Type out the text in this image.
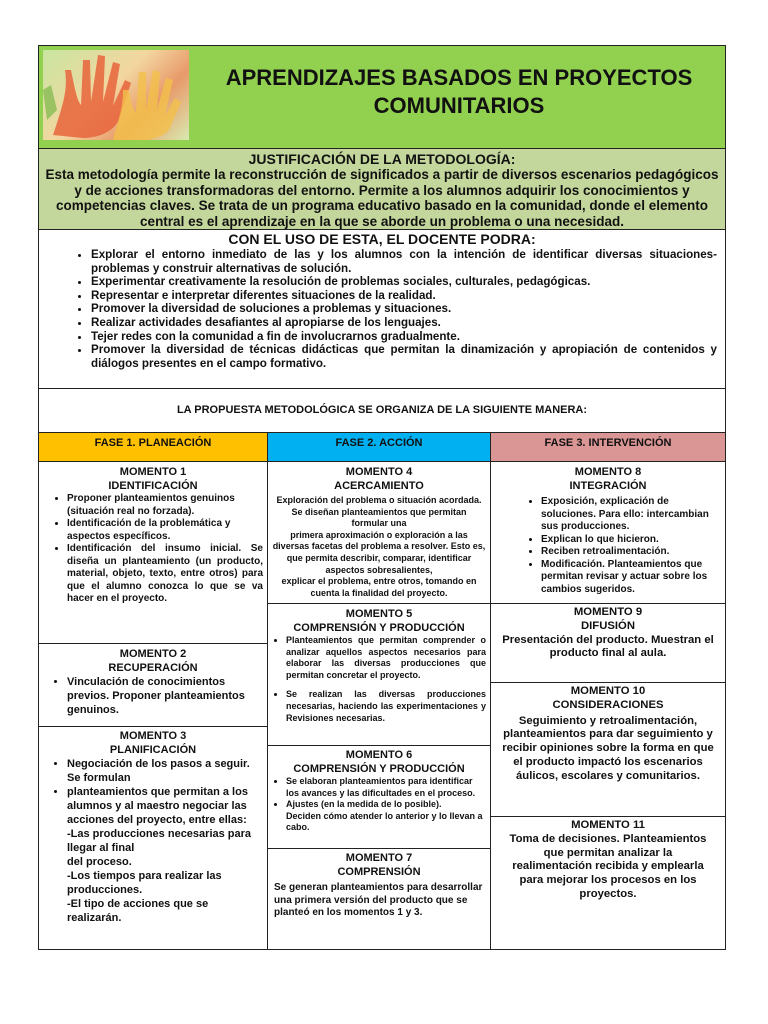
APRENDIZAJES BASADOS EN PROYECTOS
COMUNITARIOS
JUSTIFICACIÓN DE LA METODOLOGÍA:

Esta metodología permite la reconstrucción de significados a partir de diversos escenarios pedagógicos y de acciones transformadoras del entorno. Permite a los alumnos adquirir los conocimientos y competencias claves. Se trata de un programa educativo basado en la comunidad, donde el elemento central es el aprendizaje en la que se aborde un problema o una necesidad.

CON EL USO DE ESTA, EL DOCENTE PODRA:
• Explorar el entorno inmediato de las y los alumnos con la intención de identificar diversas situaciones-problemas y construir alternativas de solución.
• Experimentar creativamente la resolución de problemas sociales, culturales, pedagógicas.
• Representar e interpretar diferentes situaciones de la realidad.
• Promover la diversidad de soluciones a problemas y situaciones.
• Realizar actividades desafiantes al apropiarse de los lenguajes.
• Tejer redes con la comunidad a fin de involucrarnos gradualmente.
• Promover la diversidad de técnicas didácticas que permitan la dinamización y apropiación de contenidos y diálogos presentes en el campo formativo.
LA PROPUESTA METODOLÓGICA SE ORGANIZA DE LA SIGUIENTE MANERA:
FASE 1. PLANEACIÓN

MOMENTO 1

IDENTIFICACIÓN

• Proponer planteamientos genuinos (situación real no forzada).
• Identificación de la problemática y aspectos específicos.
• Identificación del insumo inicial. Se diseña un planteamiento (un producto, material, objeto, texto, entre otros) para que el alumno conozca lo que se va hacer en el proyecto.

MOMENTO 2

RECUPERACIÓN

• Vinculación de conocimientos previos. Proponer planteamientos genuinos.

MOMENTO 3

PLANIFICACIÓN

• Negociación de los pasos a seguir. Se formulan
• planteamientos que permitan a los alumnos y al maestro negociar las acciones del proyecto, entre ellas:

-Las producciones necesarias para llegar al final

del proceso.

-Los tiempos para realizar las producciones.

-El tipo de acciones que se realizarán.

FASE 2. ACCIÓN

MOMENTO 4

ACERCAMIENTO

Exploración del problema o situación acordada.

Se diseñan planteamientos que permitan formular una

primera aproximación o exploración a las diversas facetas del problema a resolver. Esto es, que permita describir, comparar, identificar aspectos sobresalientes,

explicar el problema, entre otros, tomando en cuenta la finalidad del proyecto.

MOMENTO 5

COMPRENSIÓN Y PRODUCCIÓN

• Planteamientos que permitan comprender o analizar aquellos aspectos necesarios para elaborar las diversas producciones que permitan concretar el proyecto.
• Se realizan las diversas producciones necesarias, haciendo las experimentaciones y Revisiones necesarias.

MOMENTO 6

COMPRENSIÓN Y PRODUCCIÓN

• Se elaboran planteamientos para identificar los avances y las dificultades en el proceso.
• Ajustes (en la medida de lo posible).

Deciden cómo atender lo anterior y lo llevan a cabo.

MOMENTO 7

COMPRENSIÓN

Se generan planteamientos para desarrollar una primera versión del producto que se planteó en los momentos 1 y 3.

FASE 3. INTERVENCIÓN

MOMENTO 8

INTEGRACIÓN

• Exposición, explicación de soluciones. Para ello: intercambian sus producciones.
• Explican lo que hicieron.
• Reciben retroalimentación.
• Modificación. Planteamientos que permitan revisar y actuar sobre los cambios sugeridos.

MOMENTO 9

DIFUSIÓN

Presentación del producto. Muestran el producto final al aula.

MOMENTO 10

CONSIDERACIONES

Seguimiento y retroalimentación, planteamientos para dar seguimiento y recibir opiniones sobre la forma en que el producto impactó los escenarios áulicos, escolares y comunitarios.

MOMENTO 11

Toma de decisiones. Planteamientos que permitan analizar la realimentación recibida y emplearla para mejorar los procesos en los proyectos.
